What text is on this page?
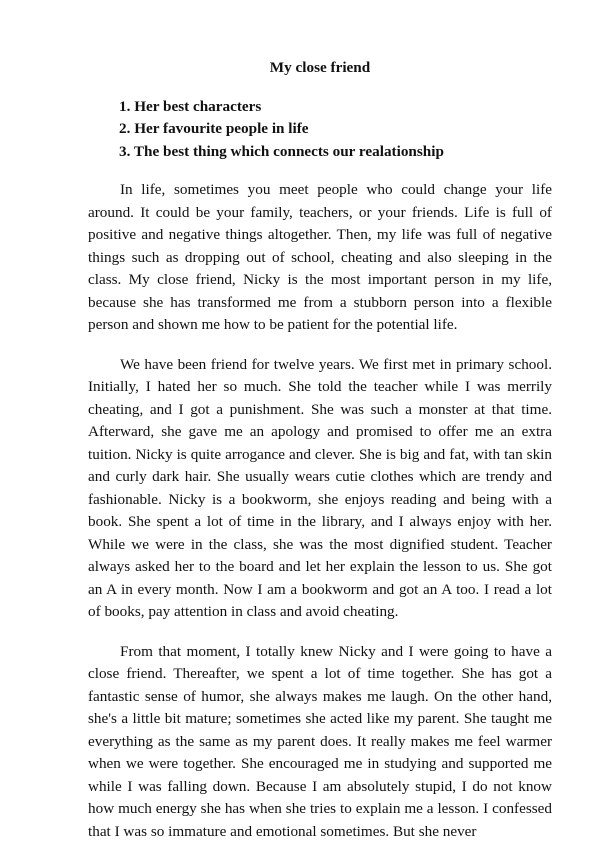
My close friend
1. Her best characters
2. Her favourite people in life
3. The best thing which connects our realationship

In life, sometimes you meet people who could change your life around. It could be your family, teachers, or your friends. Life is full of positive and negative things altogether. Then, my life was full of negative things such as dropping out of school, cheating and also sleeping in the class. My close friend, Nicky is the most important person in my life, because she has transformed me from a stubborn person into a flexible person and shown me how to be patient for the potential life.

We have been friend for twelve years. We first met in primary school. Initially, I hated her so much. She told the teacher while I was merrily cheating, and I got a punishment. She was such a monster at that time. Afterward, she gave me an apology and promised to offer me an extra tuition. Nicky is quite arrogance and clever. She is big and fat, with tan skin and curly dark hair. She usually wears cutie clothes which are trendy and fashionable. Nicky is a bookworm, she enjoys reading and being with a book. She spent a lot of time in the library, and I always enjoy with her. While we were in the class, she was the most dignified student. Teacher always asked her to the board and let her explain the lesson to us. She got an A in every month. Now I am a bookworm and got an A too. I read a lot of books, pay attention in class and avoid cheating.

From that moment, I totally knew Nicky and I were going to have a close friend. Thereafter, we spent a lot of time together. She has got a fantastic sense of humor, she always makes me laugh. On the other hand, she's a little bit mature; sometimes she acted like my parent. She taught me everything as the same as my parent does. It really makes me feel warmer when we were together. She encouraged me in studying and supported me while I was falling down. Because I am absolutely stupid, I do not know how much energy she has when she tries to explain me a lesson. I confessed that I was so immature and emotional sometimes. But she never
